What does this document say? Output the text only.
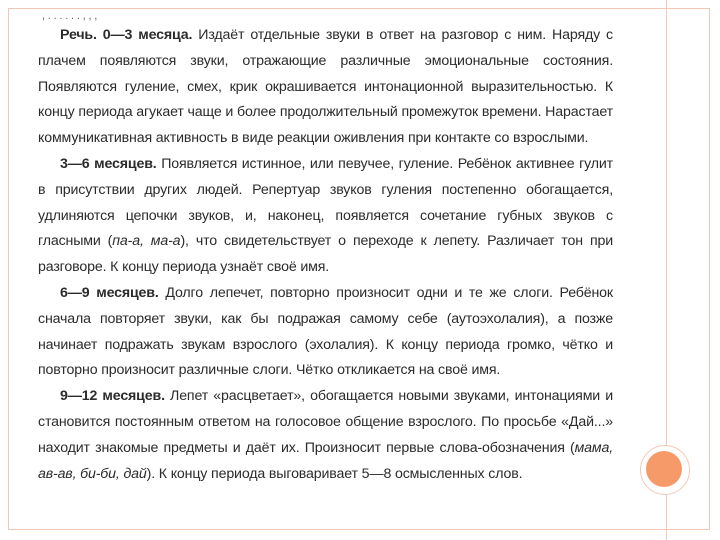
, . . . . . . , , ,

Речь. 0—3 месяца. Издаёт отдельные звуки в ответ на разговор с ним. Наряду с плачем появляются звуки, отражающие различные эмоциональные состояния. Появляются гуление, смех, крик окрашивается интонационной выразительностью. К концу периода агукает чаще и более продолжительный промежуток времени. Нарастает коммуникативная активность в виде реакции оживления при контакте со взрослыми.

3—6 месяцев. Появляется истинное, или певучее, гуление. Ребёнок активнее гулит в присутствии других людей. Репертуар звуков гуления постепенно обогащается, удлиняются цепочки звуков, и, наконец, появляется сочетание губных звуков с гласными (па-а, ма-а), что свидетельствует о переходе к лепету. Различает тон при разговоре. К концу периода узнаёт своё имя.

6—9 месяцев. Долго лепечет, повторно произносит одни и те же слоги. Ребёнок сначала повторяет звуки, как бы подражая самому себе (аутоэхолалия), а позже начинает подражать звукам взрослого (эхолалия). К концу периода громко, чётко и повторно произносит различные слоги. Чётко откликается на своё имя.

9—12 месяцев. Лепет «расцветает», обогащается новыми звуками, интонациями и становится постоянным ответом на голосовое общение взрослого. По просьбе «Дай...» находит знакомые предметы и даёт их. Произносит первые слова-обозначения (мама, ав-ав, би-би, дай). К концу периода выговаривает 5—8 осмысленных слов.
